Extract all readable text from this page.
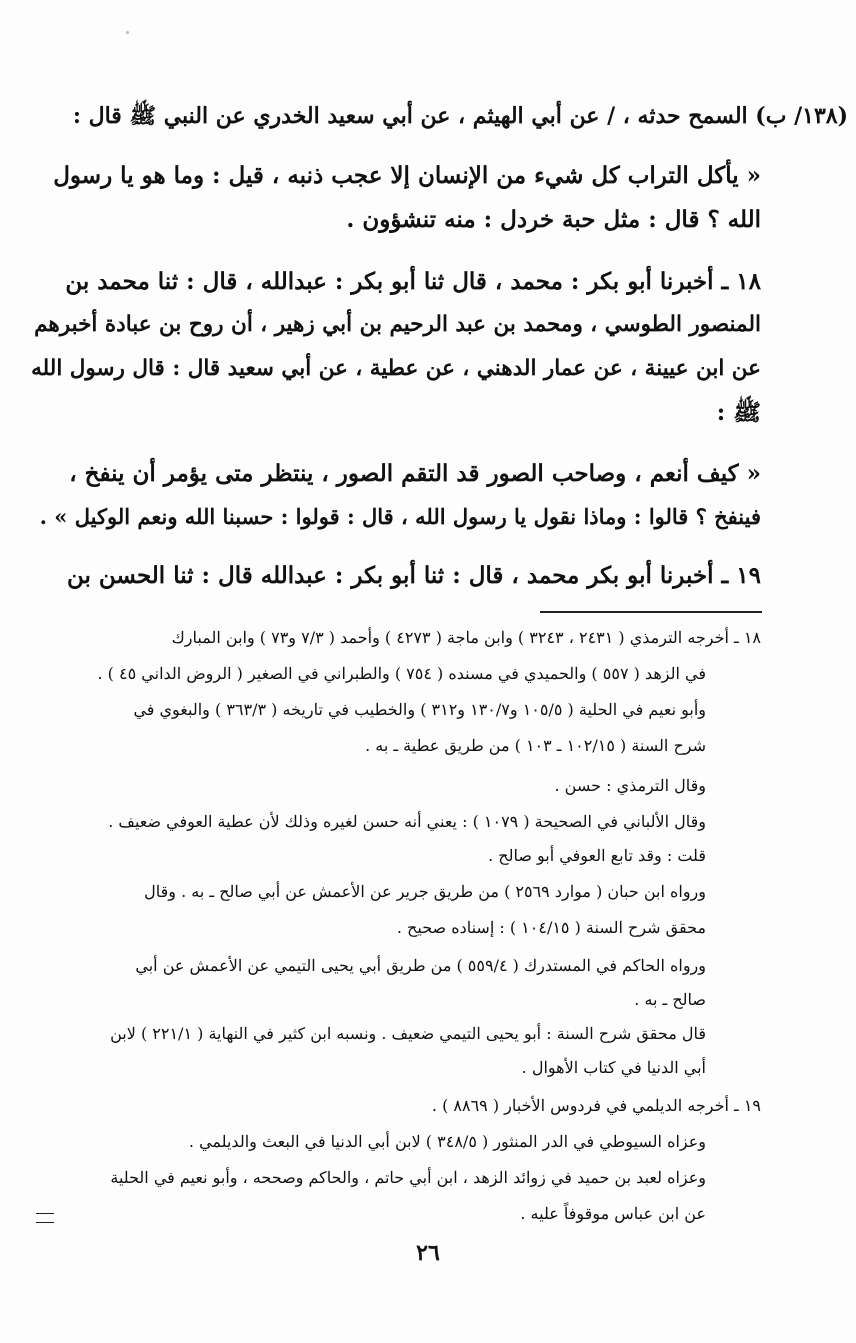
(١٣٨/ ب) السمح حدثه ، / عن أبي الهيثم ، عن أبي سعيد الخدري عن النبي ﷺ قال :

« يأكل التراب كل شيء من الإنسان إلا عجب ذنبه ، قيل : وما هو يا رسول

الله ؟ قال : مثل حبة خردل : منه تنشؤون .

١٨ ـ أخبرنا أبو بكر : محمد ، قال ثنا أبو بكر : عبدالله ، قال : ثنا محمد بن

المنصور الطوسي ، ومحمد بن عبد الرحيم بن أبي زهير ، أن روح بن عبادة أخبرهم

عن ابن عيينة ، عن عمار الدهني ، عن عطية ، عن أبي سعيد قال : قال رسول الله

ﷺ :

« كيف أنعم ، وصاحب الصور قد التقم الصور ، ينتظر متى يؤمر أن ينفخ ،

فينفخ ؟ قالوا : وماذا نقول يا رسول الله ، قال : قولوا : حسبنا الله ونعم الوكيل » .

١٩ ـ أخبرنا أبو بكر محمد ، قال : ثنا أبو بكر : عبدالله قال : ثنا الحسن بن

١٨ ـ أخرجه الترمذي ( ٢٤٣١ ، ٣٢٤٣ ) وابن ماجة ( ٤٢٧٣ ) وأحمد ( ٧/٣ و٧٣ ) وابن المبارك

في الزهد ( ٥٥٧ ) والحميدي في مسنده ( ٧٥٤ ) والطبراني في الصغير ( الروض الداني ٤٥ ) .

وأبو نعيم في الحلية ( ١٠٥/٥ و١٣٠/٧ و٣١٢ ) والخطيب في تاريخه ( ٣٦٣/٣ ) والبغوي في

شرح السنة ( ١٠٢/١٥ ـ ١٠٣ ) من طريق عطية ـ به .

وقال الترمذي : حسن .

وقال الألباني في الصحيحة ( ١٠٧٩ ) : يعني أنه حسن لغيره وذلك لأن عطية العوفي ضعيف .

قلت : وقد تابع العوفي أبو صالح .

ورواه ابن حبان ( موارد ٢٥٦٩ ) من طريق جرير عن الأعمش عن أبي صالح ـ به . وقال

محقق شرح السنة ( ١٠٤/١٥ ) : إسناده صحيح .

ورواه الحاكم في المستدرك ( ٥٥٩/٤ ) من طريق أبي يحيى التيمي عن الأعمش عن أبي

صالح ـ به .

قال محقق شرح السنة : أبو يحيى التيمي ضعيف . ونسبه ابن كثير في النهاية ( ٢٢١/١ ) لابن

أبي الدنيا في كتاب الأهوال .

١٩ ـ أخرجه الديلمي في فردوس الأخبار ( ٨٨٦٩ ) .

وعزاه السيوطي في الدر المنثور ( ٣٤٨/٥ ) لابن أبي الدنيا في البعث والديلمي .

وعزاه لعبد بن حميد في زوائد الزهد ، ابن أبي حاتم ، والحاكم وصححه ، وأبو نعيم في الحلية

عن ابن عباس موقوفاً عليه .

٢٦
